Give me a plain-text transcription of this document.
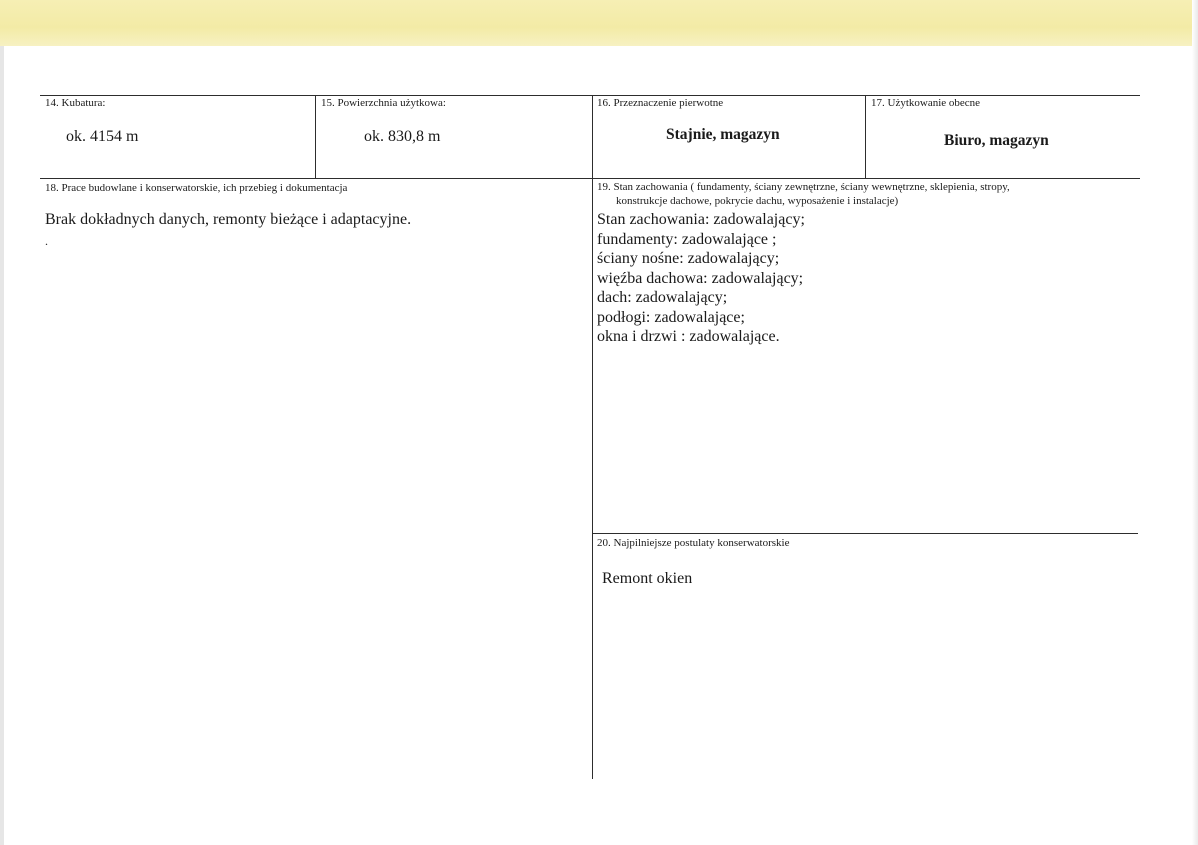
14. Kubatura:
ok. 4154 m
15. Powierzchnia użytkowa:
ok. 830,8 m
16. Przeznaczenie pierwotne
Stajnie, magazyn
17. Użytkowanie obecne
Biuro, magazyn
18. Prace budowlane i konserwatorskie, ich przebieg i dokumentacja
Brak dokładnych danych, remonty bieżące i adaptacyjne.
.
19. Stan zachowania ( fundamenty, ściany zewnętrzne, ściany wewnętrzne, sklepienia, stropy,
konstrukcje dachowe, pokrycie dachu, wyposażenie i instalacje)
Stan zachowania: zadowalający;
fundamenty: zadowalające ;
ściany nośne: zadowalający;
więźba dachowa: zadowalający;
dach: zadowalający;
podłogi: zadowalające;
okna i drzwi : zadowalające.
20. Najpilniejsze postulaty konserwatorskie
Remont okien
